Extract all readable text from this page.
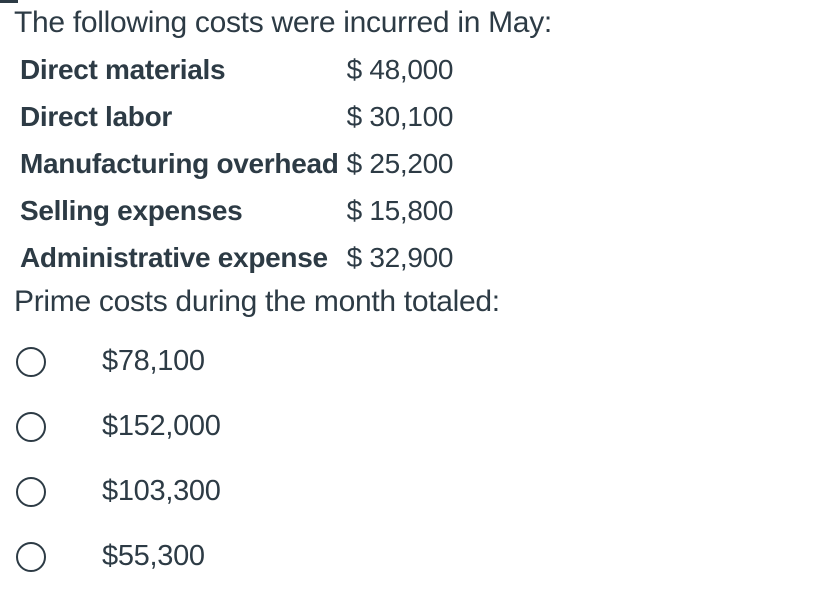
The following costs were incurred in May:
Direct materials	$ 48,000
Direct labor	$ 30,100
Manufacturing overhead	$ 25,200
Selling expenses	$ 15,800
Administrative expense	$ 32,900
Prime costs during the month totaled:
$78,100
$152,000
$103,300
$55,300
